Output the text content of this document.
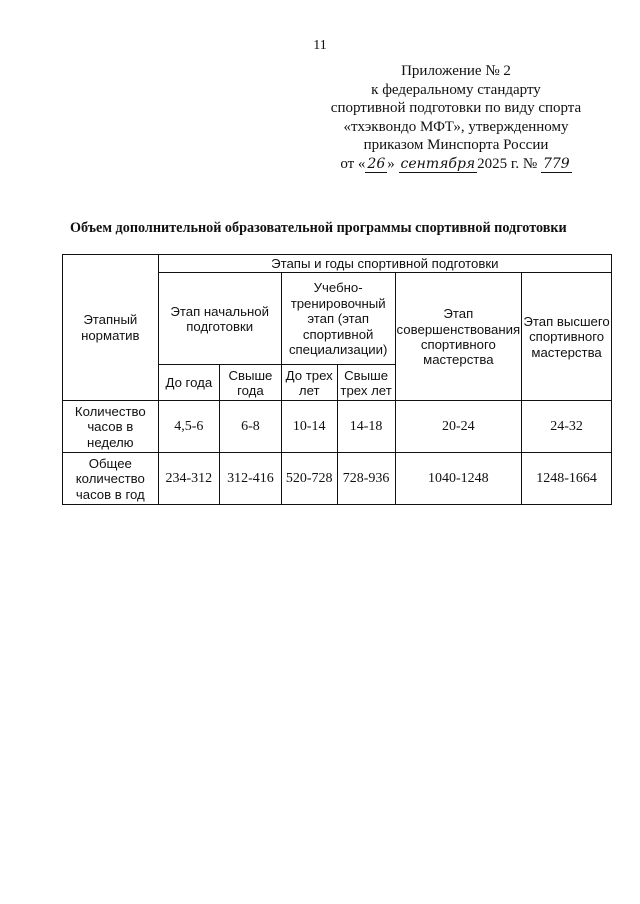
11
Приложение № 2
к федеральному стандарту
спортивной подготовки по виду спорта
«тхэквондо МФТ», утвержденному
приказом Минспорта России
от « 26 » сентября 2025 г. № 779
Объем дополнительной образовательной программы спортивной подготовки
Этапный норматив	Этапы и годы спортивной подготовки					
	Этап начальной подготовки		Учебно-тренировочный этап (этап спортивной специализации)		Этап совершенствования спортивного мастерства	Этап высшего спортивного мастерства
	До года	Свыше года	До трех лет	Свыше трех лет		
Количество часов в неделю	4,5-6	6-8	10-14	14-18	20-24	24-32
Общее количество часов в год	234-312	312-416	520-728	728-936	1040-1248	1248-1664
